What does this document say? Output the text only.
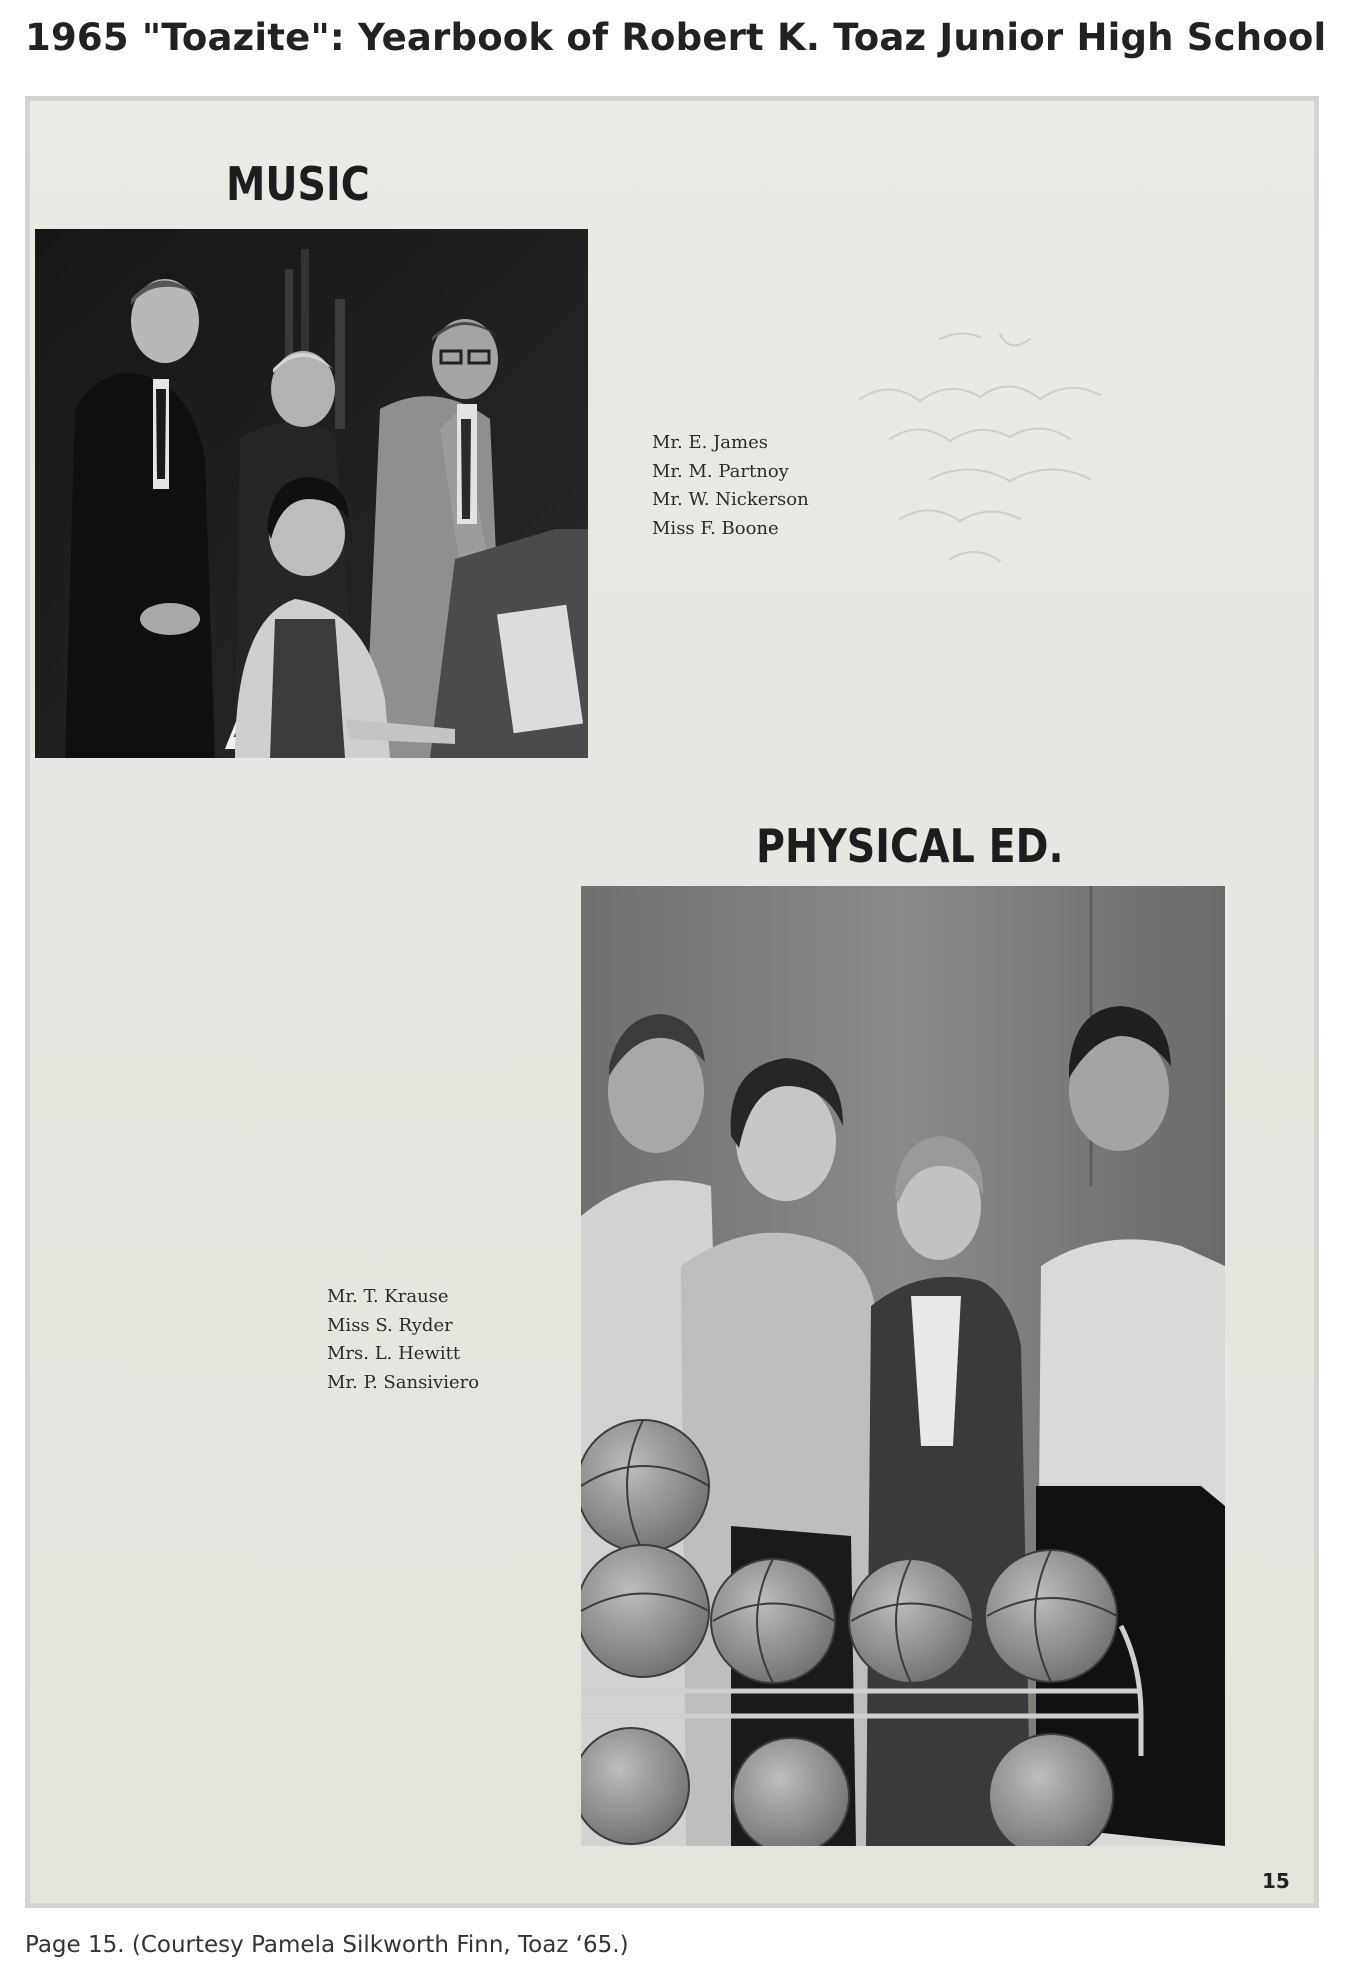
1965 "Toazite": Yearbook of Robert K. Toaz Junior High School
MUSIC
Mr. E. James
Mr. M. Partnoy
Mr. W. Nickerson
Miss F. Boone
PHYSICAL ED.
Mr. T. Krause
Miss S. Ryder
Mrs. L. Hewitt
Mr. P. Sansiviero

15

Page 15. (Courtesy Pamela Silkworth Finn, Toaz ‘65.)
